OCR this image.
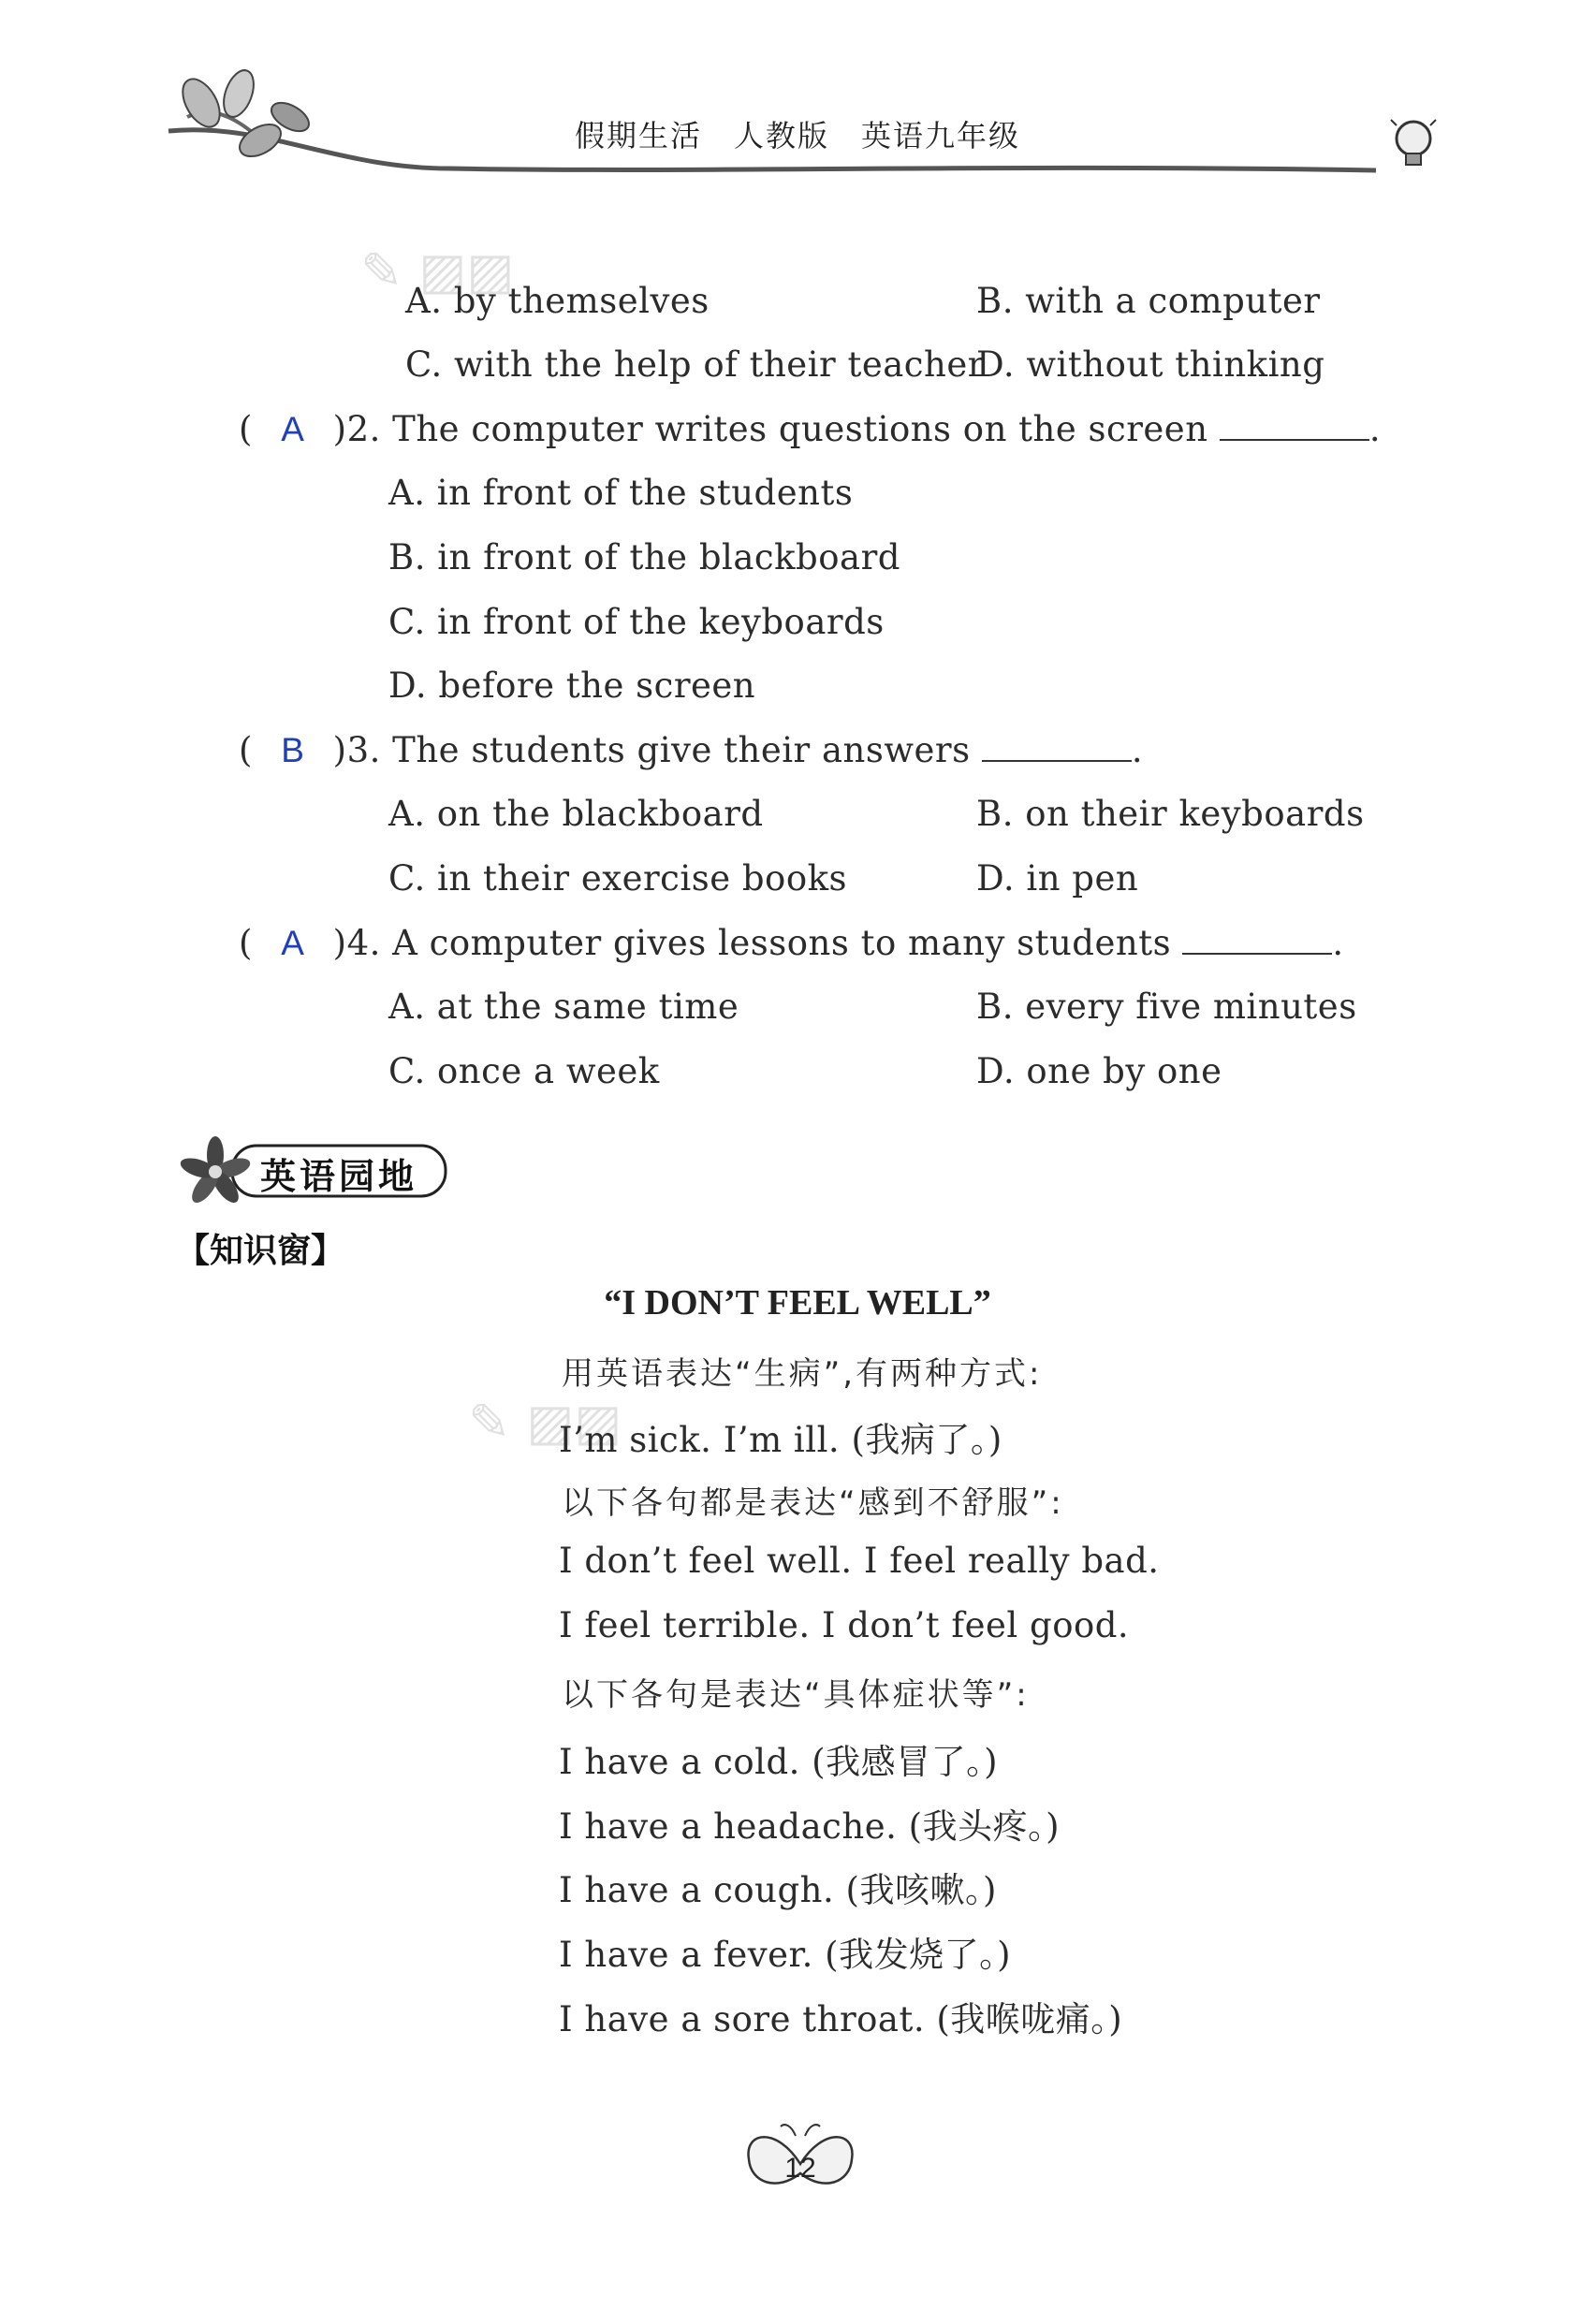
假期生活　人教版　英语九年级
✎ ▨▨
A. by themselves	B. with a computer
C. with the help of their teacher
D. without thinking
( A )2. The computer writes questions on the screen	.
A. in front of the students
B. in front of the blackboard
C. in front of the keyboards
D. before the screen
( B )3. The students give their answers	.
A. on the blackboard	B. on their keyboards
C. in their exercise books	D. in pen
( A )4. A computer gives lessons to many students	.
A. at the same time	B. every five minutes
C. once a week	D. one by one
英语园地
【知识窗】
“I DON’T FEEL WELL”
✎ ▨▨
用英语表达“生病”,有两种方式:
I’m sick. I’m ill. (我病了。)
以下各句都是表达“感到不舒服”:
I don’t feel well. I feel really bad.
I feel terrible. I don’t feel good.
以下各句是表达“具体症状等”:
I have a cold. (我感冒了。)
I have a headache. (我头疼。)
I have a cough. (我咳嗽。)
I have a fever. (我发烧了。)
I have a sore throat. (我喉咙痛。)
12
